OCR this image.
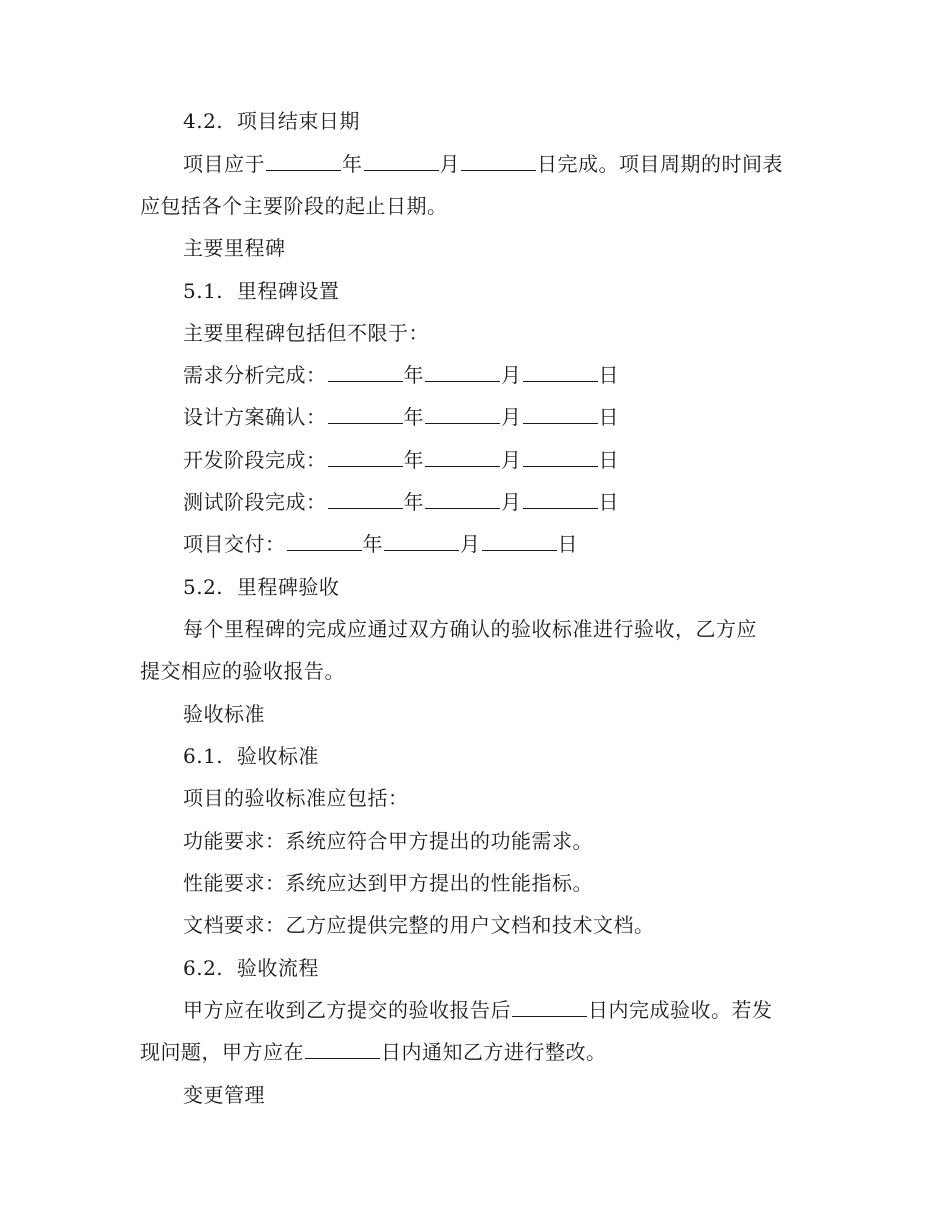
4.2.  项目结束日期
项目应于	年	月	日完成。项目周期的时间表
应包括各个主要阶段的起止日期。
主要里程碑
5.1.  里程碑设置
主要里程碑包括但不限于：
需求分析完成：	年	月	日
设计方案确认：	年	月	日
开发阶段完成：	年	月	日
测试阶段完成：	年	月	日
项目交付：	年	月	日
5.2.  里程碑验收
每个里程碑的完成应通过双方确认的验收标准进行验收，乙方应
提交相应的验收报告。
验收标准
6.1.  验收标准
项目的验收标准应包括：
功能要求：系统应符合甲方提出的功能需求。
性能要求：系统应达到甲方提出的性能指标。
文档要求：乙方应提供完整的用户文档和技术文档。
6.2.  验收流程
甲方应在收到乙方提交的验收报告后	日内完成验收。若发
现问题，甲方应在	日内通知乙方进行整改。
变更管理
